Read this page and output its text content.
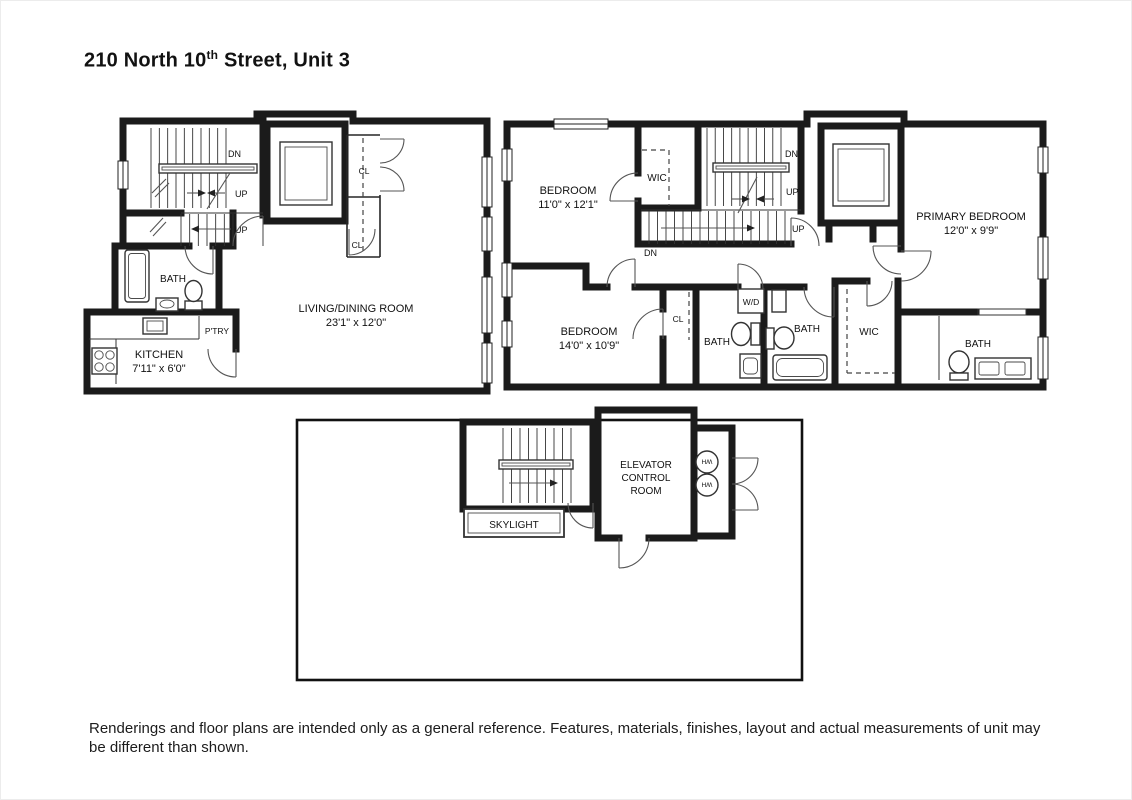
210 North 10th Street, Unit 3
SKYLIGHT
ELEVATOR
CONTROL
ROOM
WH
WH
DN
UP
UP
CL
CL
BATH
KITCHEN
7'11" x 6'0"
P'TRY
LIVING/DINING ROOM
23'1" x 12'0"
DN
UP
UP
DN
WIC
CL
W/D
BATH
BATH	WIC
BATH
BEDROOM
11'0" x 12'1"
BEDROOM
14'0" x 10'9"
PRIMARY BEDROOM
12'0" x 9'9"
Renderings and floor plans are intended only as a general reference. Features, materials, finishes, layout and actual measurements of unit may be different than shown.
